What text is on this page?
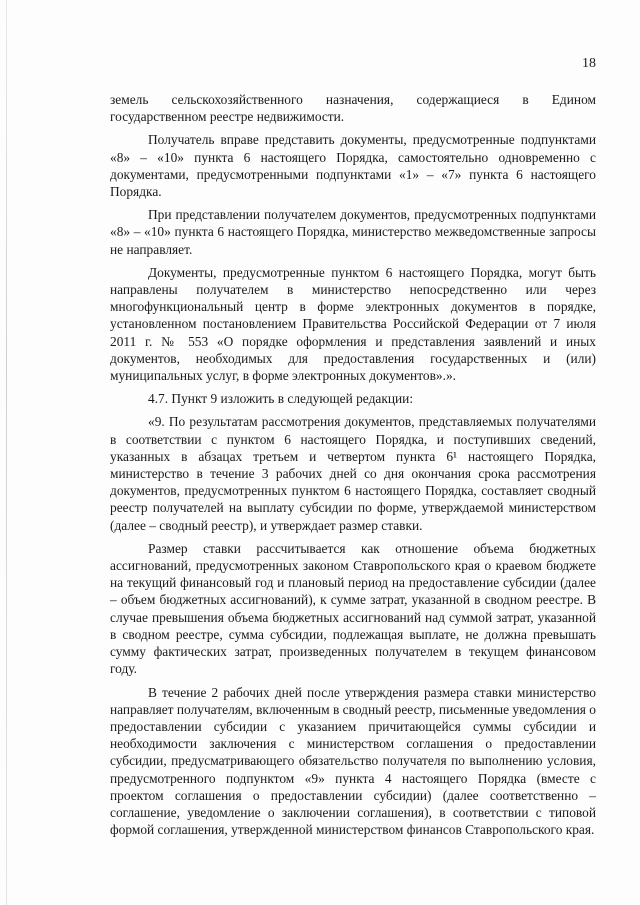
18

земель сельскохозяйственного назначения, содержащиеся в Едином государственном реестре недвижимости.

Получатель вправе представить документы, предусмотренные подпунктами «8» – «10» пункта 6 настоящего Порядка, самостоятельно одновременно с документами, предусмотренными подпунктами «1» – «7» пункта 6 настоящего Порядка.

При представлении получателем документов, предусмотренных подпунктами «8» – «10» пункта 6 настоящего Порядка, министерство межведомственные запросы не направляет.

Документы, предусмотренные пунктом 6 настоящего Порядка, могут быть направлены получателем в министерство непосредственно или через многофункциональный центр в форме электронных документов в порядке, установленном постановлением Правительства Российской Федерации от 7 июля 2011 г. № 553 «О порядке оформления и представления заявлений и иных документов, необходимых для предоставления государственных и (или) муниципальных услуг, в форме электронных документов».».

4.7. Пункт 9 изложить в следующей редакции:

«9. По результатам рассмотрения документов, представляемых получателями в соответствии с пунктом 6 настоящего Порядка, и поступивших сведений, указанных в абзацах третьем и четвертом пункта 6¹ настоящего Порядка, министерство в течение 3 рабочих дней со дня окончания срока рассмотрения документов, предусмотренных пунктом 6 настоящего Порядка, составляет сводный реестр получателей на выплату субсидии по форме, утверждаемой министерством (далее – сводный реестр), и утверждает размер ставки.

Размер ставки рассчитывается как отношение объема бюджетных ассигнований, предусмотренных законом Ставропольского края о краевом бюджете на текущий финансовый год и плановый период на предоставление субсидии (далее – объем бюджетных ассигнований), к сумме затрат, указанной в сводном реестре. В случае превышения объема бюджетных ассигнований над суммой затрат, указанной в сводном реестре, сумма субсидии, подлежащая выплате, не должна превышать сумму фактических затрат, произведенных получателем в текущем финансовом году.

В течение 2 рабочих дней после утверждения размера ставки министерство направляет получателям, включенным в сводный реестр, письменные уведомления о предоставлении субсидии с указанием причитающейся суммы субсидии и необходимости заключения с министерством соглашения о предоставлении субсидии, предусматривающего обязательство получателя по выполнению условия, предусмотренного подпунктом «9» пункта 4 настоящего Порядка (вместе с проектом соглашения о предоставлении субсидии) (далее соответственно – соглашение, уведомление о заключении соглашения), в соответствии с типовой формой соглашения, утвержденной министерством финансов Ставропольского края.
